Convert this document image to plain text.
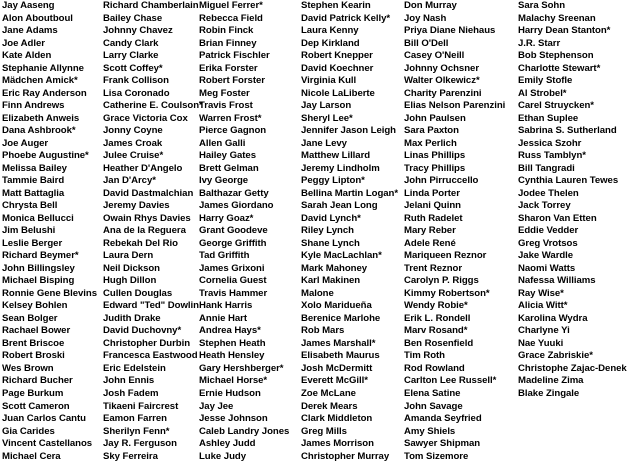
Jay Aaseng
Alon Aboutboul
Jane Adams
Joe Adler
Kate Alden
Stephanie Allynne
Mädchen Amick*
Eric Ray Anderson
Finn Andrews
Elizabeth Anweis
Dana Ashbrook*
Joe Auger
Phoebe Augustine*
Melissa Bailey
Tammie Baird
Matt Battaglia
Chrysta Bell
Monica Bellucci
Jim Belushi
Leslie Berger
Richard Beymer*
John Billingsley
Michael Bisping
Ronnie Gene Blevins
Kelsey Bohlen
Sean Bolger
Rachael Bower
Brent Briscoe
Robert Broski
Wes Brown
Richard Bucher
Page Burkum
Scott Cameron
Juan Carlos Cantu
Gia Carides
Vincent Castellanos
Michael Cera
Richard Chamberlain
Bailey Chase
Johnny Chavez
Candy Clark
Larry Clarke
Scott Coffey*
Frank Collison
Lisa Coronado
Catherine E. Coulson*
Grace Victoria Cox
Jonny Coyne
James Croak
Julee Cruise*
Heather D'Angelo
Jan D'Arcy*
David Dastmalchian
Jeremy Davies
Owain Rhys Davies
Ana de la Reguera
Rebekah Del Rio
Laura Dern
Neil Dickson
Hugh Dillon
Cullen Douglas
Edward "Ted" Dowlin
Judith Drake
David Duchovny*
Christopher Durbin
Francesca Eastwood
Eric Edelstein
John Ennis
Josh Fadem
Tikaeni Faircrest
Eamon Farren
Sherilyn Fenn*
Jay R. Ferguson
Sky Ferreira
Miguel Ferrer*
Rebecca Field
Robin Finck
Brian Finney
Patrick Fischler
Erika Forster
Robert Forster
Meg Foster
Travis Frost
Warren Frost*
Pierce Gagnon
Allen Galli
Hailey Gates
Brett Gelman
Ivy George
Balthazar Getty
James Giordano
Harry Goaz*
Grant Goodeve
George Griffith
Tad Griffith
James Grixoni
Cornelia Guest
Travis Hammer
Hank Harris
Annie Hart
Andrea Hays*
Stephen Heath
Heath Hensley
Gary Hershberger*
Michael Horse*
Ernie Hudson
Jay Jee
Jesse Johnson
Caleb Landry Jones
Ashley Judd
Luke Judy
Stephen Kearin
David Patrick Kelly*
Laura Kenny
Dep Kirkland
Robert Knepper
David Koechner
Virginia Kull
Nicole LaLiberte
Jay Larson
Sheryl Lee*
Jennifer Jason Leigh
Jane Levy
Matthew Lillard
Jeremy Lindholm
Peggy Lipton*
Bellina Martin Logan*
Sarah Jean Long
David Lynch*
Riley Lynch
Shane Lynch
Kyle MacLachlan*
Mark Mahoney
Karl Makinen
Malone
Xolo Maridueña
Berenice Marlohe
Rob Mars
James Marshall*
Elisabeth Maurus
Josh McDermitt
Everett McGill*
Zoe McLane
Derek Mears
Clark Middleton
Greg Mills
James Morrison
Christopher Murray
Don Murray
Joy Nash
Priya Diane Niehaus
Bill O'Dell
Casey O'Neill
Johnny Ochsner
Walter Olkewicz*
Charity Parenzini
Elias Nelson Parenzini
John Paulsen
Sara Paxton
Max Perlich
Linas Phillips
Tracy Phillips
John Pirruccello
Linda Porter
Jelani Quinn
Ruth Radelet
Mary Reber
Adele René
Mariqueen Reznor
Trent Reznor
Carolyn P. Riggs
Kimmy Robertson*
Wendy Robie*
Erik L. Rondell
Marv Rosand*
Ben Rosenfield
Tim Roth
Rod Rowland
Carlton Lee Russell*
Elena Satine
John Savage
Amanda Seyfried
Amy Shiels
Sawyer Shipman
Tom Sizemore
Sara Sohn
Malachy Sreenan
Harry Dean Stanton*
J.R. Starr
Bob Stephenson
Charlotte Stewart*
Emily Stofle
Al Strobel*
Carel Struycken*
Ethan Suplee
Sabrina S. Sutherland
Jessica Szohr
Russ Tamblyn*
Bill Tangradi
Cynthia Lauren Tewes
Jodee Thelen
Jack Torrey
Sharon Van Etten
Eddie Vedder
Greg Vrotsos
Jake Wardle
Naomi Watts
Nafessa Williams
Ray Wise*
Alicia Witt*
Karolina Wydra
Charlyne Yi
Nae Yuuki
Grace Zabriskie*
Christophe Zajac-Denek
Madeline Zima
Blake Zingale
